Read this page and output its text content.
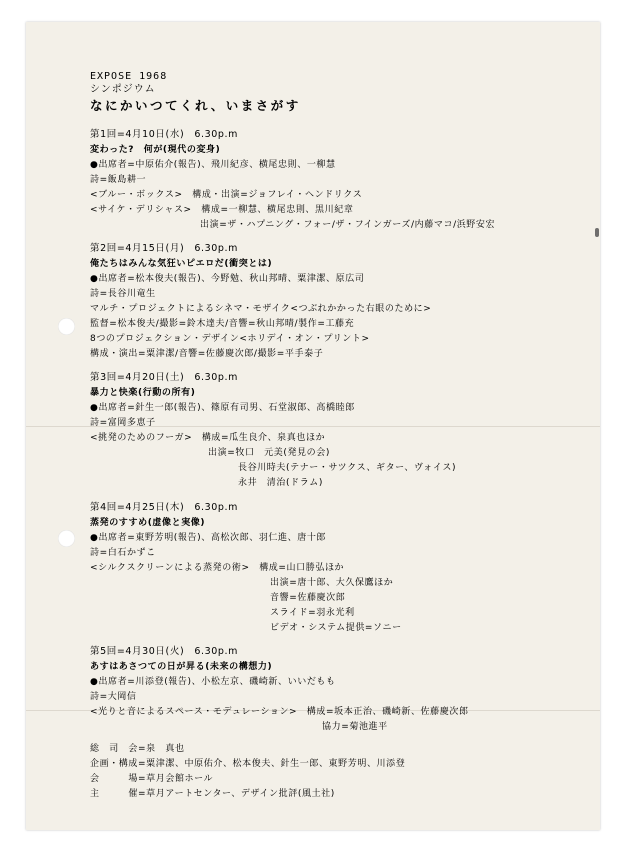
EXPOSE 1968
シンポジウム
なにかいつてくれ、いまさがす
第1回=4月10日(水)　6.30p.m
変わった?　何が(現代の変身)
●出席者=中原佑介(報告)、飛川紀彦、横尾忠則、一柳慧
詩=飯島耕一
<ブルー・ボックス>　構成・出演=ジョフレイ・ヘンドリクス
<サイケ・デリシャス>　構成=一柳慧、横尾忠則、黒川紀章
出演=ザ・ハプニング・フォー/ザ・フインガーズ/内藤マコ/浜野安宏
第2回=4月15日(月)　6.30p.m
俺たちはみんな気狂いピエロだ(衝突とは)
●出席者=松本俊夫(報告)、今野勉、秋山邦晴、粟津潔、原広司
詩=長谷川竜生
マルチ・プロジェクトによるシネマ・モザイク<つぶれかかった右眼のために>
監督=松本俊夫/撮影=鈴木達夫/音響=秋山邦晴/製作=工藤充
8つのプロジェクション・デザイン<ホリデイ・オン・プリント>
構成・演出=粟津潔/音響=佐藤慶次郎/撮影=平手泰子
第3回=4月20日(土)　6.30p.m
暴力と快楽(行動の所有)
●出席者=針生一郎(報告)、篠原有司男、石堂淑郎、高橋睦郎
詩=富岡多恵子
<挑発のためのフーガ>　構成=瓜生良介、泉真也ほか
出演=牧口　元美(発見の会)
長谷川時夫(テナー・サツクス、ギター、ヴォイス)
永井　清治(ドラム)
第4回=4月25日(木)　6.30p.m
蒸発のすすめ(虚像と実像)
●出席者=東野芳明(報告)、高松次郎、羽仁進、唐十郎
詩=白石かずこ
<シルクスクリーンによる蒸発の術>　構成=山口勝弘ほか
出演=唐十郎、大久保鷹ほか
音響=佐藤慶次郎
スライド=羽永光利
ビデオ・システム提供=ソニー
第5回=4月30日(火)　6.30p.m
あすはあさつての日が昇る(未来の構想力)
●出席者=川添登(報告)、小松左京、磯崎新、いいだもも
詩=大岡信
<光りと音によるスペース・モデュレーション>　構成=坂本正治、磯崎新、佐藤慶次郎
協力=菊池進平
総　司　会=泉　真也
企画・構成=粟津潔、中原佑介、松本俊夫、針生一郎、東野芳明、川添登
会　　　場=草月会館ホール
主　　　催=草月アートセンター、デザイン批評(風土社)
